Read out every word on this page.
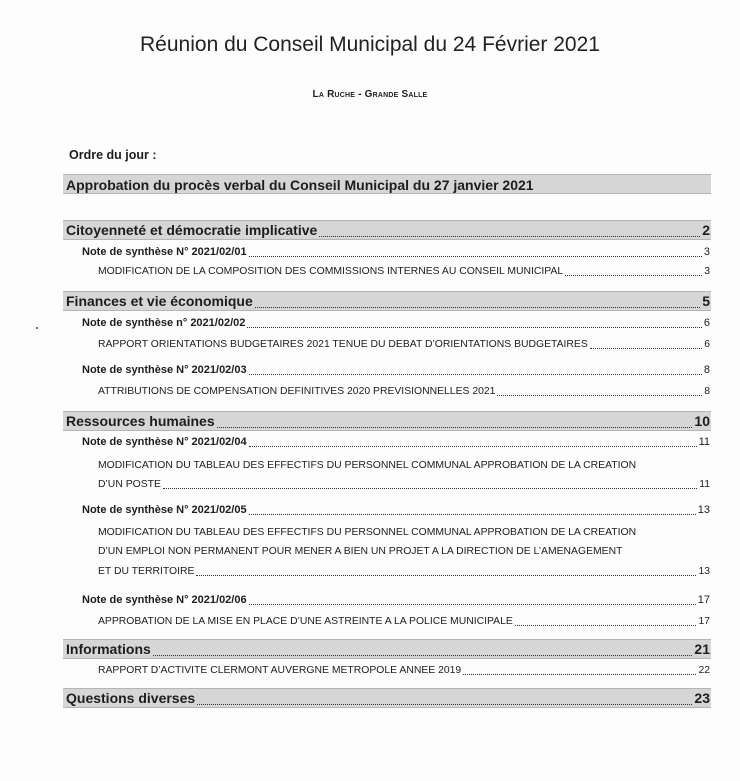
Réunion du Conseil Municipal du 24 Février 2021
La Ruche - Grande Salle
Ordre du jour :
Approbation du procès verbal du Conseil Municipal du 27 janvier 2021
Citoyenneté et démocratie implicative	2
Note de synthèse N° 2021/02/01	3
MODIFICATION DE LA COMPOSITION DES COMMISSIONS INTERNES AU CONSEIL MUNICIPAL	3
Finances et vie économique	5
Note de synthèse n° 2021/02/02	6
RAPPORT ORIENTATIONS BUDGETAIRES 2021 TENUE DU DEBAT D’ORIENTATIONS BUDGETAIRES	6
Note de synthèse N° 2021/02/03	8
ATTRIBUTIONS DE COMPENSATION DEFINITIVES 2020 PREVISIONNELLES 2021	8
Ressources humaines	10
Note de synthèse N° 2021/02/04	11
MODIFICATION DU TABLEAU DES EFFECTIFS DU PERSONNEL COMMUNAL APPROBATION DE LA CREATION
D’UN POSTE	11
Note de synthèse N° 2021/02/05	13
MODIFICATION DU TABLEAU DES EFFECTIFS DU PERSONNEL COMMUNAL APPROBATION DE LA CREATION
D’UN EMPLOI NON PERMANENT POUR MENER A BIEN UN PROJET A LA DIRECTION DE L’AMENAGEMENT
ET DU TERRITOIRE	13
Note de synthèse N° 2021/02/06	17
APPROBATION DE LA MISE EN PLACE D’UNE ASTREINTE A LA POLICE MUNICIPALE	17
Informations	21
RAPPORT D’ACTIVITE CLERMONT AUVERGNE METROPOLE ANNEE 2019	22
Questions diverses	23
